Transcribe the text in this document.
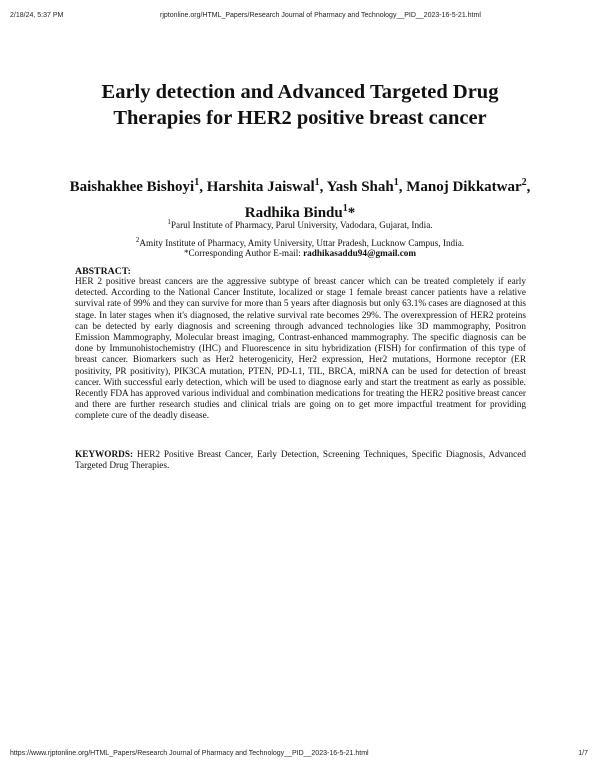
2/18/24, 5:37 PM	rjptonline.org/HTML_Papers/Research Journal of Pharmacy and Technology__PID__2023-16-5-21.html
Early detection and Advanced Targeted Drug Therapies for HER2 positive breast cancer

Baishakhee Bishoyi$^1$, Harshita Jaiswal$^1$, Yash Shah$^1$, Manoj Dikkatwar$^2$, Radhika Bindu$^1$*

$^1$Parul Institute of Pharmacy, Parul University, Vadodara, Gujarat, India.

$^2$Amity Institute of Pharmacy, Amity University, Uttar Pradesh, Lucknow Campus, India.

*Corresponding Author E-mail: radhikasaddu94@gmail.com

ABSTRACT:

HER 2 positive breast cancers are the aggressive subtype of breast cancer which can be treated completely if early detected. According to the National Cancer Institute, localized or stage 1 female breast cancer patients have a relative survival rate of 99% and they can survive for more than 5 years after diagnosis but only 63.1% cases are diagnosed at this stage. In later stages when it's diagnosed, the relative survival rate becomes 29%. The overexpression of HER2 proteins can be detected by early diagnosis and screening through advanced technologies like 3D mammography, Positron Emission Mammography, Molecular breast imaging, Contrast-enhanced mammography. The specific diagnosis can be done by Immunohistochemistry (IHC) and Fluorescence in situ hybridization (FISH) for confirmation of this type of breast cancer. Biomarkers such as Her2 heterogenicity, Her2 expression, Her2 mutations, Hormone receptor (ER positivity, PR positivity), PIK3CA mutation, PTEN, PD-L1, TIL, BRCA, miRNA can be used for detection of breast cancer. With successful early detection, which will be used to diagnose early and start the treatment as early as possible. Recently FDA has approved various individual and combination medications for treating the HER2 positive breast cancer and there are further research studies and clinical trials are going on to get more impactful treatment for providing complete cure of the deadly disease.

KEYWORDS: HER2 Positive Breast Cancer, Early Detection, Screening Techniques, Specific Diagnosis, Advanced Targeted Drug Therapies.

https://www.rjptonline.org/HTML_Papers/Research Journal of Pharmacy and Technology__PID__2023-16-5-21.html	1/7
